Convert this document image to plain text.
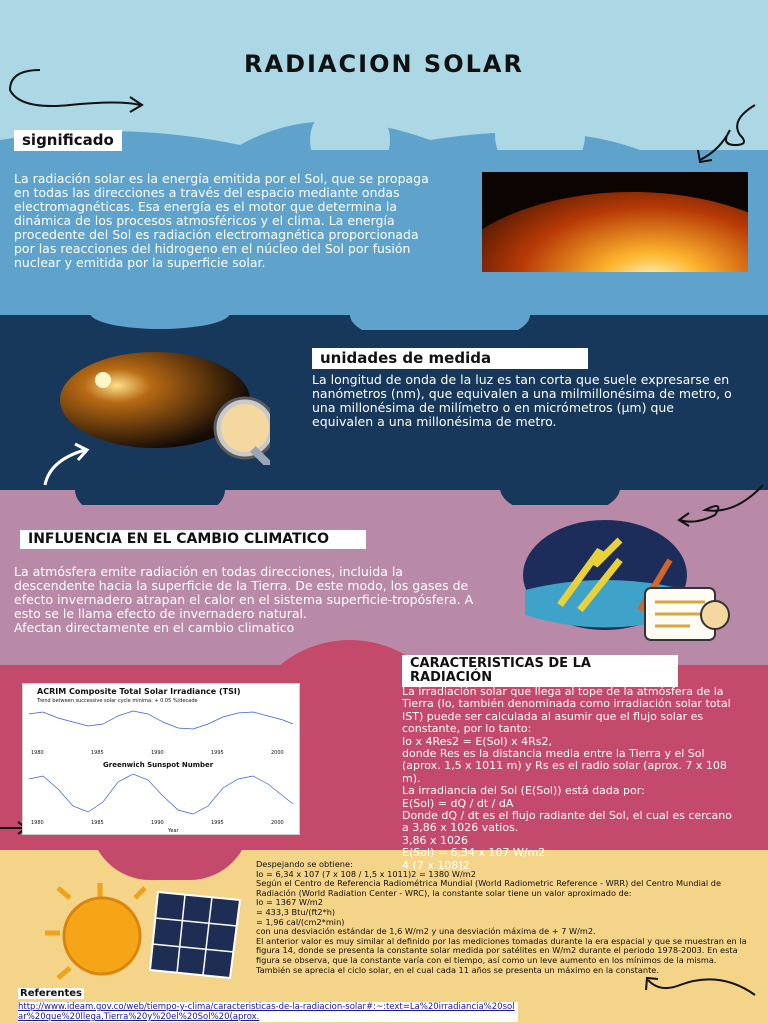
RADIACION SOLAR
significado
La radiación solar es la energía emitida por el Sol, que se propaga en todas las direcciones a través del espacio mediante ondas electromagnéticas. Esa energía es el motor que determina la dinámica de los procesos atmosféricos y el clima. La energía procedente del Sol es radiación electromagnética proporcionada por las reacciones del hidrogeno en el núcleo del Sol por fusión nuclear y emitida por la superficie solar.
unidades de medida
La longitud de onda de la luz es tan corta que suele expresarse en nanómetros (nm), que equivalen a una milmillonésima de metro, o una millonésima de milímetro o en micrómetros (µm) que equivalen a una millonésima de metro.
INFLUENCIA EN EL CAMBIO CLIMATICO
La atmósfera emite radiación en todas direcciones, incluida la descendente hacia la superficie de la Tierra. De este modo, los gases de efecto invernadero atrapan el calor en el sistema superficie-tropósfera. A esto se le llama efecto de invernadero natural.
Afectan directamente en el cambio climatico
CARACTERISTICAS DE LA RADIACIÓN
La irradiación solar que llega al tope de la atmósfera de la Tierra (Io, también denominada como irradiación solar total IST) puede ser calculada al asumir que el flujo solar es constante, por lo tanto:
Io x 4Res2 = E(Sol) x 4Rs2,
donde Res es la distancia media entre la Tierra y el Sol (aprox. 1,5 x 1011 m) y Rs es el radio solar (aprox. 7 x 108 m).
La irradiancia del Sol (E(Sol)) está dada por:
E(Sol) = dQ / dt / dA
Donde dQ / dt es el flujo radiante del Sol, el cual es cercano a 3,86 x 1026 vatios.
3,86 x 1026
E(Sol) = 6,34 x 107 W/m2
4 (7 x 108)2
ACRIM Composite Total Solar Irradiance (TSI)
Trend between successive solar cycle minima: + 0.05 %/decade
1980	1985	1990	1995	2000
Greenwich Sunspot Number
1980	1985	1990	1995	2000
Year
Despejando se obtiene:
Io = 6,34 x 107 (7 x 108 / 1,5 x 1011)2 = 1380 W/m2
Según el Centro de Referencia Radiométrica Mundial (World Radiometric Reference - WRR) del Centro Mundial de Radiación (World Radiation Center - WRC), la constante solar tiene un valor aproximado de:
Io = 1367 W/m2
= 433,3 Btu/(ft2*h)
= 1,96 cal/(cm2*min)
con una desviación estándar de 1,6 W/m2 y una desviación máxima de + 7 W/m2.
El anterior valor es muy similar al definido por las mediciones tomadas durante la era espacial y que se muestran en la figura 14, donde se presenta la constante solar medida por satélites en W/m2 durante el periodo 1978-2003. En esta figura se observa, que la constante varía con el tiempo, así como un leve aumento en los mínimos de la misma. También se aprecia el ciclo solar, en el cual cada 11 años se presenta un máximo en la constante.
Referentes
http://www.ideam.gov.co/web/tiempo-y-clima/caracteristicas-de-la-radiacion-solar#:~:text=La%20irradiancia%20solar%20que%20llega,Tierra%20y%20el%20Sol%20(aprox.
